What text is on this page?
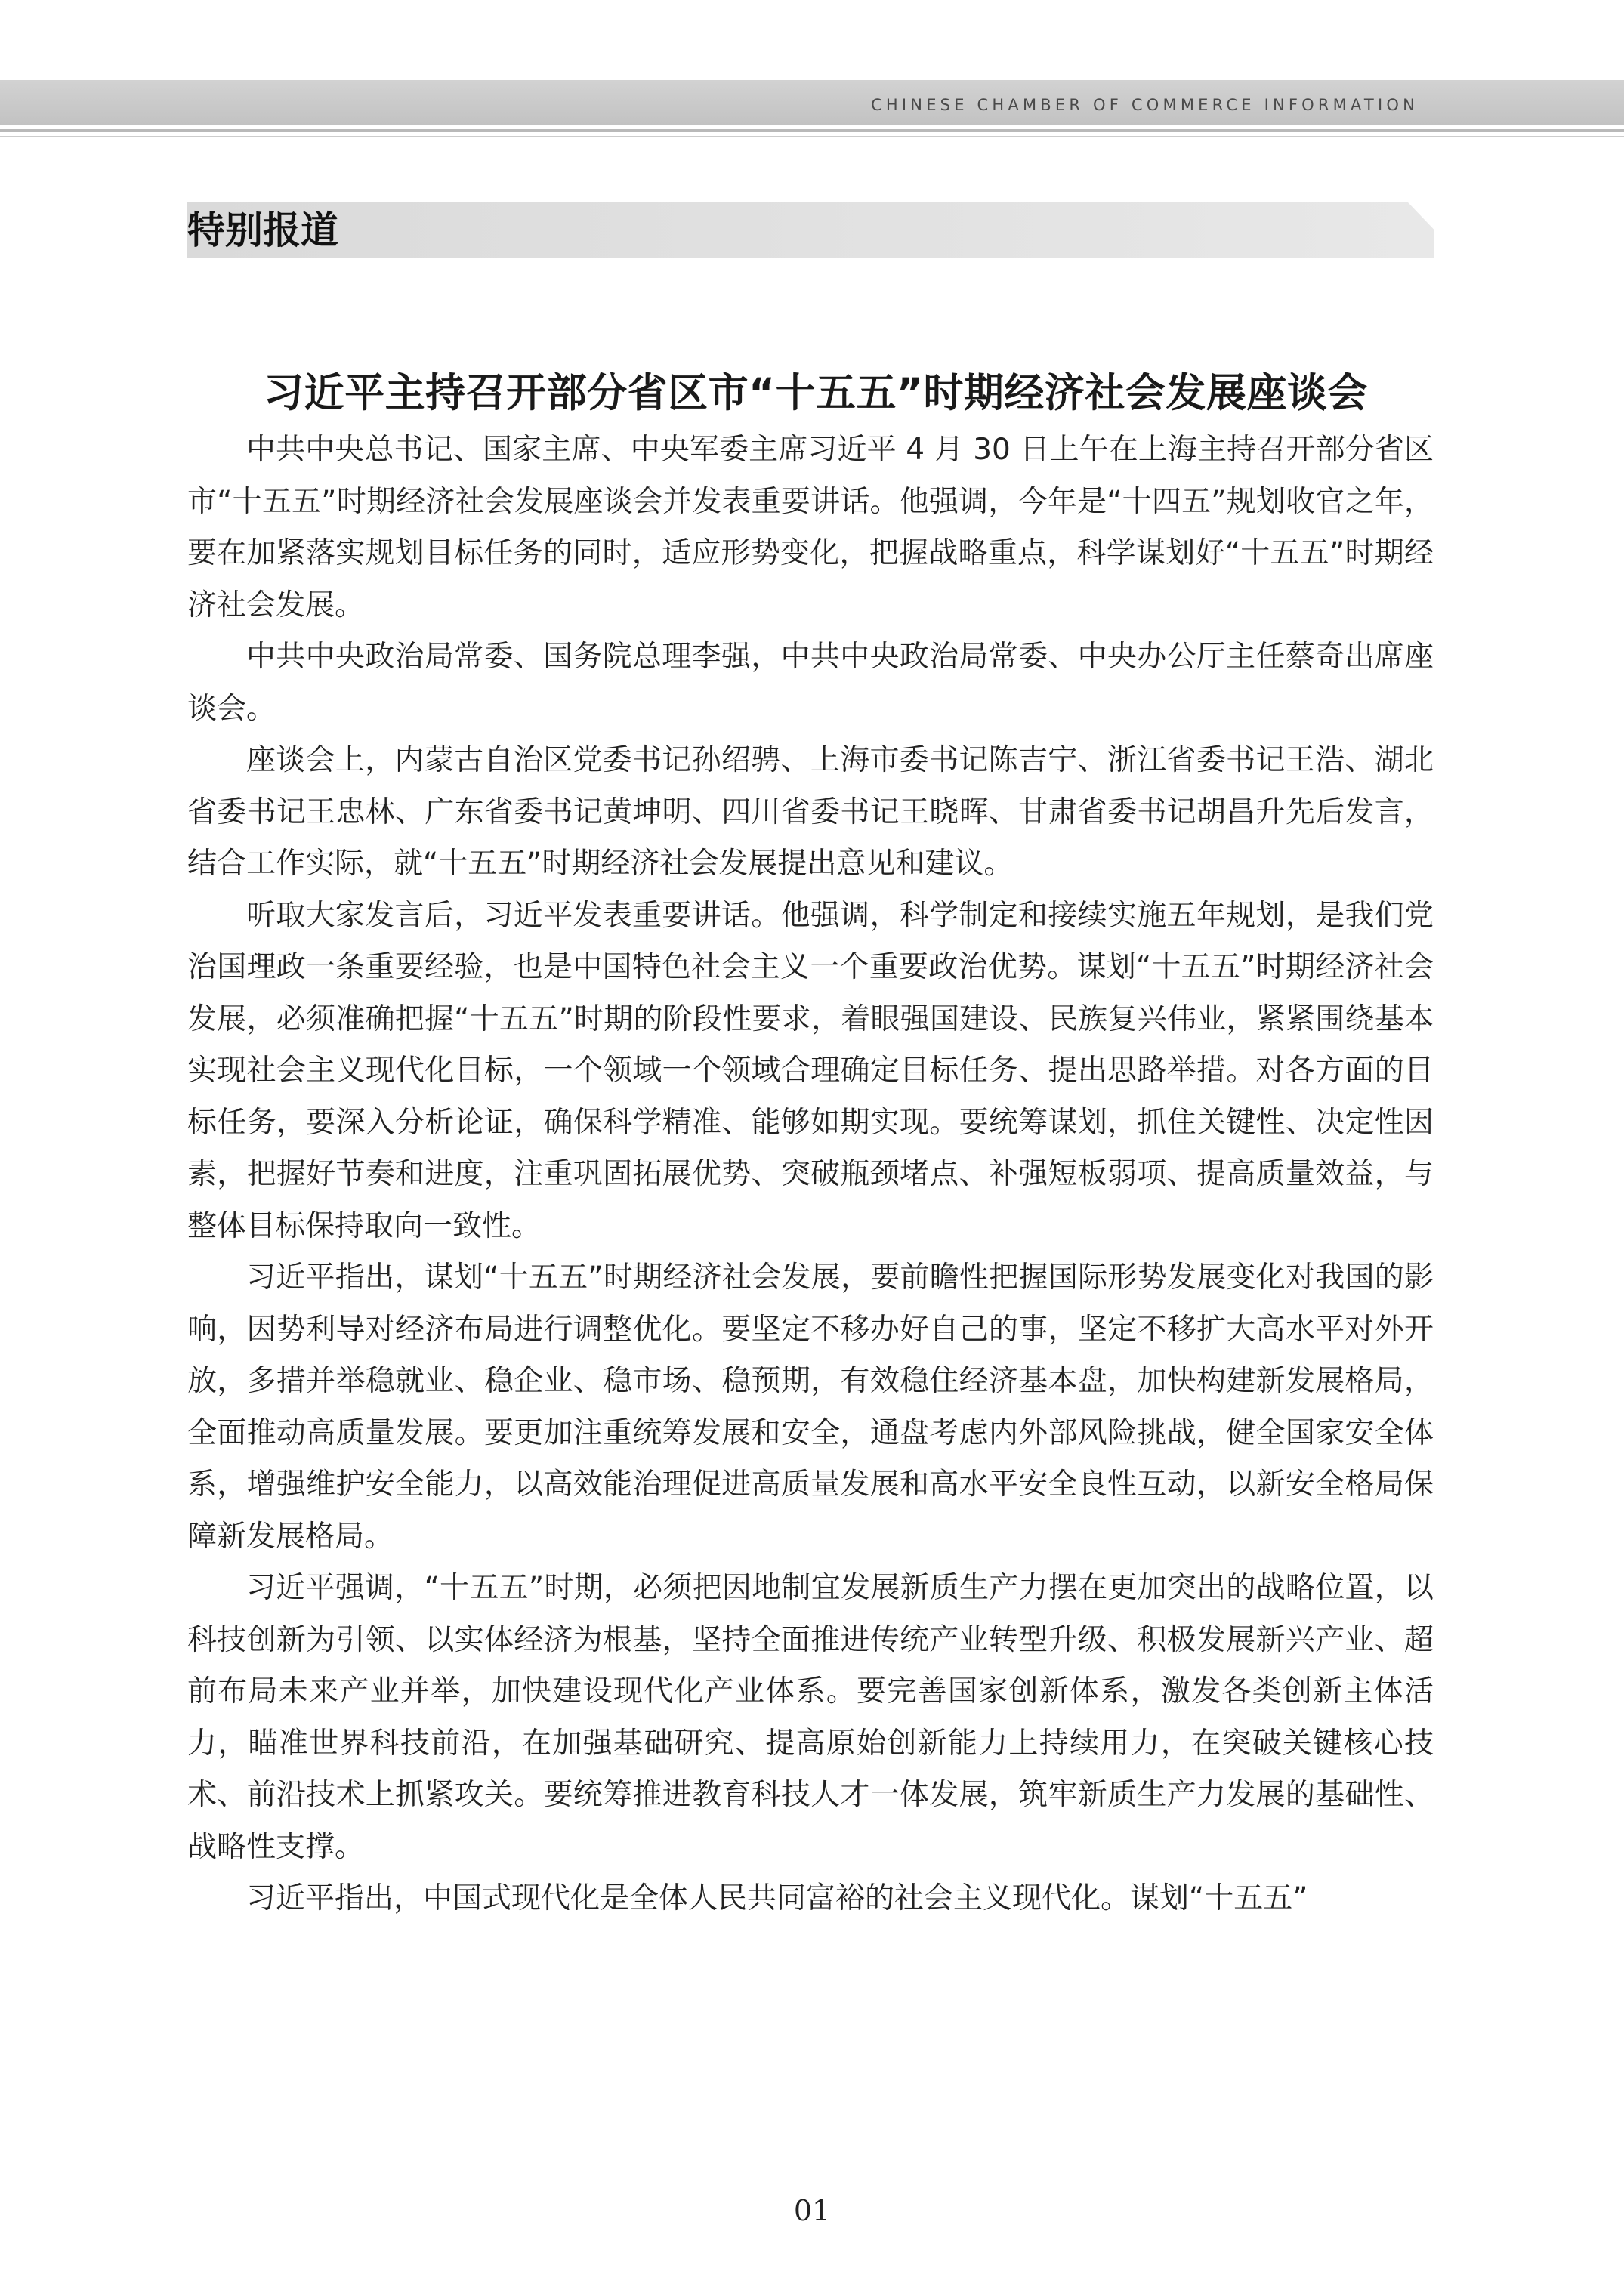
CHINESE CHAMBER OF COMMERCE INFORMATION
特别报道
习近平主持召开部分省区市“十五五”时期经济社会发展座谈会

中共中央总书记、国家主席、中央军委主席习近平 4 月 30 日上午在上海主持召开部分省区市“十五五”时期经济社会发展座谈会并发表重要讲话。他强调，今年是“十四五”规划收官之年，要在加紧落实规划目标任务的同时，适应形势变化，把握战略重点，科学谋划好“十五五”时期经济社会发展。

中共中央政治局常委、国务院总理李强，中共中央政治局常委、中央办公厅主任蔡奇出席座谈会。

座谈会上，内蒙古自治区党委书记孙绍骋、上海市委书记陈吉宁、浙江省委书记王浩、湖北省委书记王忠林、广东省委书记黄坤明、四川省委书记王晓晖、甘肃省委书记胡昌升先后发言，结合工作实际，就“十五五”时期经济社会发展提出意见和建议。

听取大家发言后，习近平发表重要讲话。他强调，科学制定和接续实施五年规划，是我们党治国理政一条重要经验，也是中国特色社会主义一个重要政治优势。谋划“十五五”时期经济社会发展，必须准确把握“十五五”时期的阶段性要求，着眼强国建设、民族复兴伟业，紧紧围绕基本实现社会主义现代化目标，一个领域一个领域合理确定目标任务、提出思路举措。对各方面的目标任务，要深入分析论证，确保科学精准、能够如期实现。要统筹谋划，抓住关键性、决定性因素，把握好节奏和进度，注重巩固拓展优势、突破瓶颈堵点、补强短板弱项、提高质量效益，与整体目标保持取向一致性。

习近平指出，谋划“十五五”时期经济社会发展，要前瞻性把握国际形势发展变化对我国的影响，因势利导对经济布局进行调整优化。要坚定不移办好自己的事，坚定不移扩大高水平对外开放，多措并举稳就业、稳企业、稳市场、稳预期，有效稳住经济基本盘，加快构建新发展格局，全面推动高质量发展。要更加注重统筹发展和安全，通盘考虑内外部风险挑战，健全国家安全体系，增强维护安全能力，以高效能治理促进高质量发展和高水平安全良性互动，以新安全格局保障新发展格局。

习近平强调，“十五五”时期，必须把因地制宜发展新质生产力摆在更加突出的战略位置，以科技创新为引领、以实体经济为根基，坚持全面推进传统产业转型升级、积极发展新兴产业、超前布局未来产业并举，加快建设现代化产业体系。要完善国家创新体系，激发各类创新主体活力，瞄准世界科技前沿，在加强基础研究、提高原始创新能力上持续用力，在突破关键核心技术、前沿技术上抓紧攻关。要统筹推进教育科技人才一体发展，筑牢新质生产力发展的基础性、战略性支撑。

习近平指出，中国式现代化是全体人民共同富裕的社会主义现代化。谋划“十五五”

01
